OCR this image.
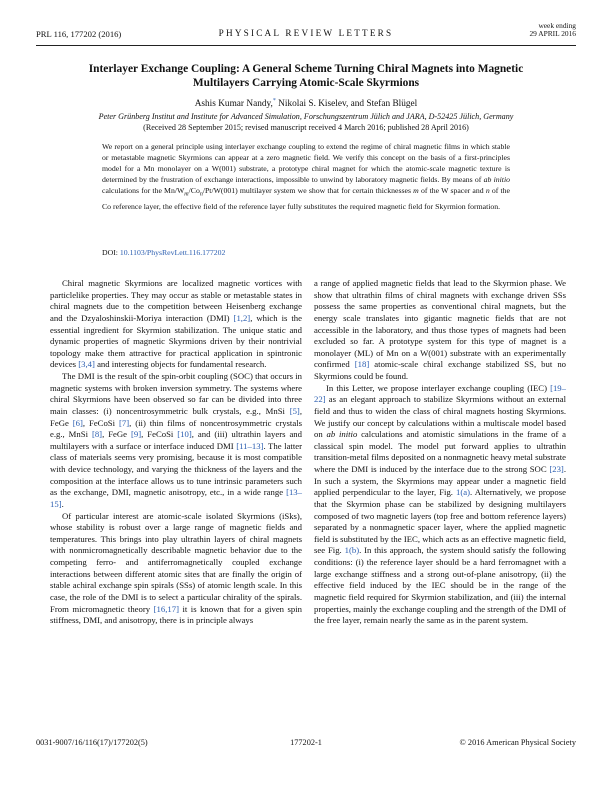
PRL 116, 177202 (2016)	PHYSICAL REVIEW LETTERS
week ending
29 APRIL 2016
Interlayer Exchange Coupling: A General Scheme Turning Chiral Magnets into Magnetic
Multilayers Carrying Atomic-Scale Skyrmions
Ashis Kumar Nandy,* Nikolai S. Kiselev, and Stefan Blügel
Peter Grünberg Institut and Institute for Advanced Simulation, Forschungszentrum Jülich and JARA, D-52425 Jülich, Germany
(Received 28 September 2015; revised manuscript received 4 March 2016; published 28 April 2016)
We report on a general principle using interlayer exchange coupling to extend the regime of chiral magnetic films in which stable or metastable magnetic Skyrmions can appear at a zero magnetic field. We verify this concept on the basis of a first-principles model for a Mn monolayer on a W(001) substrate, a prototype chiral magnet for which the atomic-scale magnetic texture is determined by the frustration of exchange interactions, impossible to unwind by laboratory magnetic fields. By means of ab initio calculations for the $Mn/W_m/Co_n/Pt/W(001)$ multilayer system we show that for certain thicknesses m of the W spacer and n of the Co reference layer, the effective field of the reference layer fully substitutes the required magnetic field for Skyrmion formation.
DOI: 10.1103/PhysRevLett.116.177202

Chiral magnetic Skyrmions are localized magnetic vortices with particlelike properties. They may occur as stable or metastable states in chiral magnets due to the competition between Heisenberg exchange and the Dzyaloshinskii-Moriya interaction (DMI) [1,2], which is the essential ingredient for Skyrmion stabilization. The unique static and dynamic properties of magnetic Skyrmions driven by their nontrivial topology make them attractive for practical application in spintronic devices [3,4] and interesting objects for fundamental research.

The DMI is the result of the spin-orbit coupling (SOC) that occurs in magnetic systems with broken inversion symmetry. The systems where chiral Skyrmions have been observed so far can be divided into three main classes: (i) noncentrosymmetric bulk crystals, e.g., MnSi [5], FeGe [6], FeCoSi [7], (ii) thin films of noncentrosymmetric crystals e.g., MnSi [8], FeGe [9], FeCoSi [10], and (iii) ultrathin layers and multilayers with a surface or interface induced DMI [11–13]. The latter class of materials seems very promising, because it is most compatible with device technology, and varying the thickness of the layers and the composition at the interface allows us to tune intrinsic parameters such as the exchange, DMI, magnetic anisotropy, etc., in a wide range [13–15].

Of particular interest are atomic-scale isolated Skyrmions (iSks), whose stability is robust over a large range of magnetic fields and temperatures. This brings into play ultrathin layers of chiral magnets with nonmicromagnetically describable magnetic behavior due to the competing ferro- and antiferromagnetically coupled exchange interactions between different atomic sites that are finally the origin of stable achiral exchange spin spirals (SSs) of atomic length scale. In this case, the role of the DMI is to select a particular chirality of the spirals. From micromagnetic theory [16,17] it is known that for a given spin stiffness, DMI, and anisotropy, there is in principle always

a range of applied magnetic fields that lead to the Skyrmion phase. We show that ultrathin films of chiral magnets with exchange driven SSs possess the same properties as conventional chiral magnets, but the energy scale translates into gigantic magnetic fields that are not accessible in the laboratory, and thus those types of magnets had been excluded so far. A prototype system for this type of magnet is a monolayer (ML) of Mn on a W(001) substrate with an experimentally confirmed [18] atomic-scale chiral exchange stabilized SS, but no Skyrmions could be found.

In this Letter, we propose interlayer exchange coupling (IEC) [19–22] as an elegant approach to stabilize Skyrmions without an external field and thus to widen the class of chiral magnets hosting Skyrmions. We justify our concept by calculations within a multiscale model based on ab initio calculations and atomistic simulations in the frame of a classical spin model. The model put forward applies to ultrathin transition-metal films deposited on a nonmagnetic heavy metal substrate where the DMI is induced by the interface due to the strong SOC [23]. In such a system, the Skyrmions may appear under a magnetic field applied perpendicular to the layer, Fig. 1(a). Alternatively, we propose that the Skyrmion phase can be stabilized by designing multilayers composed of two magnetic layers (top free and bottom reference layers) separated by a nonmagnetic spacer layer, where the applied magnetic field is substituted by the IEC, which acts as an effective magnetic field, see Fig. 1(b). In this approach, the system should satisfy the following conditions: (i) the reference layer should be a hard ferromagnet with a large exchange stiffness and a strong out-of-plane anisotropy, (ii) the effective field induced by the IEC should be in the range of the magnetic field required for Skyrmion stabilization, and (iii) the internal properties, mainly the exchange coupling and the strength of the DMI of the free layer, remain nearly the same as in the parent system.

0031-9007/16/116(17)/177202(5)	177202-1	© 2016 American Physical Society
